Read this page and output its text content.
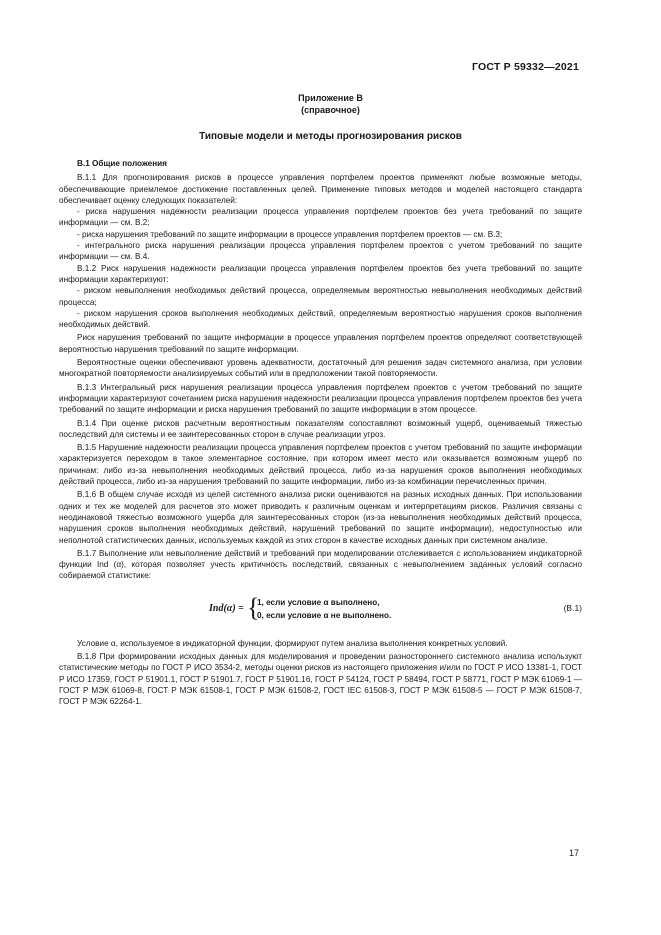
ГОСТ Р 59332—2021
Приложение В
(справочное)
Типовые модели и методы прогнозирования рисков
В.1 Общие положения
В.1.1 Для прогнозирования рисков в процессе управления портфелем проектов применяют любые возможные методы, обеспечивающие приемлемое достижение поставленных целей. Применение типовых методов и моделей настоящего стандарта обеспечивает оценку следующих показателей:
- риска нарушения надежности реализации процесса управления портфелем проектов без учета требований по защите информации — см. В.2;
- риска нарушения требований по защите информации в процессе управления портфелем проектов — см. В.3;
- интегрального риска нарушения реализации процесса управления портфелем проектов с учетом требований по защите информации — см. В.4.
В.1.2 Риск нарушения надежности реализации процесса управления портфелем проектов без учета требований по защите информации характеризуют:
- риском невыполнения необходимых действий процесса, определяемым вероятностью невыполнения необходимых действий процесса;
- риском нарушения сроков выполнения необходимых действий, определяемым вероятностью нарушения сроков выполнения необходимых действий.
Риск нарушения требований по защите информации в процессе управления портфелем проектов определяют соответствующей вероятностью нарушения требований по защите информации.
Вероятностные оценки обеспечивают уровень адекватности, достаточный для решения задач системного анализа, при условии многократной повторяемости анализируемых событий или в предположении такой повторяемости.
В.1.3 Интегральный риск нарушения реализации процесса управления портфелем проектов с учетом требований по защите информации характеризуют сочетанием риска нарушения надежности реализации процесса управления портфелем проектов без учета требований по защите информации и риска нарушения требований по защите информации в этом процессе.
В.1.4 При оценке рисков расчетным вероятностным показателям сопоставляют возможный ущерб, оцениваемый тяжестью последствий для системы и ее заинтересованных сторон в случае реализации угроз.
В.1.5 Нарушение надежности реализации процесса управления портфелем проектов с учетом требований по защите информации характеризуется переходом в такое элементарное состояние, при котором имеет место или оказывается возможным ущерб по причинам: либо из-за невыполнения необходимых действий процесса, либо из-за нарушения сроков выполнения необходимых действий процесса, либо из-за нарушения требований по защите информации, либо из-за комбинации перечисленных причин.
В.1.6 В общем случае исходя из целей системного анализа риски оцениваются на разных исходных данных. При использовании одних и тех же моделей для расчетов это может приводить к различным оценкам и интерпретациям рисков. Различия связаны с неодинаковой тяжестью возможного ущерба для заинтересованных сторон (из-за невыполнения необходимых действий процесса, нарушения сроков выполнения необходимых действий, нарушений требований по защите информации), недоступностью или неполнотой статистических данных, используемых каждой из этих сторон в качестве исходных данных при системном анализе.
В.1.7 Выполнение или невыполнение действий и требований при моделировании отслеживается с использованием индикаторной функции Ind (α), которая позволяет учесть критичность последствий, связанных с невыполнением заданных условий согласно собираемой статистике:
Ind(α) = {
1, если условие α выполнено,
0, если условие α не выполнено.
(В.1)
Условие α, используемое в индикаторной функции, формируют путем анализа выполнения конкретных условий.
В.1.8 При формировании исходных данных для моделирования и проведении разностороннего системного анализа используют статистические методы по ГОСТ Р ИСО 3534-2, методы оценки рисков из настоящего приложения и/или по ГОСТ Р ИСО 13381-1, ГОСТ Р ИСО 17359, ГОСТ Р 51901.1, ГОСТ Р 51901.7, ГОСТ Р 51901.16, ГОСТ Р 54124, ГОСТ Р 58494, ГОСТ Р 58771, ГОСТ Р МЭК 61069-1 — ГОСТ Р МЭК 61069-8, ГОСТ Р МЭК 61508-1, ГОСТ Р МЭК 61508-2, ГОСТ IEC 61508-3, ГОСТ Р МЭК 61508-5 — ГОСТ Р МЭК 61508-7, ГОСТ Р МЭК 62264-1.
17
